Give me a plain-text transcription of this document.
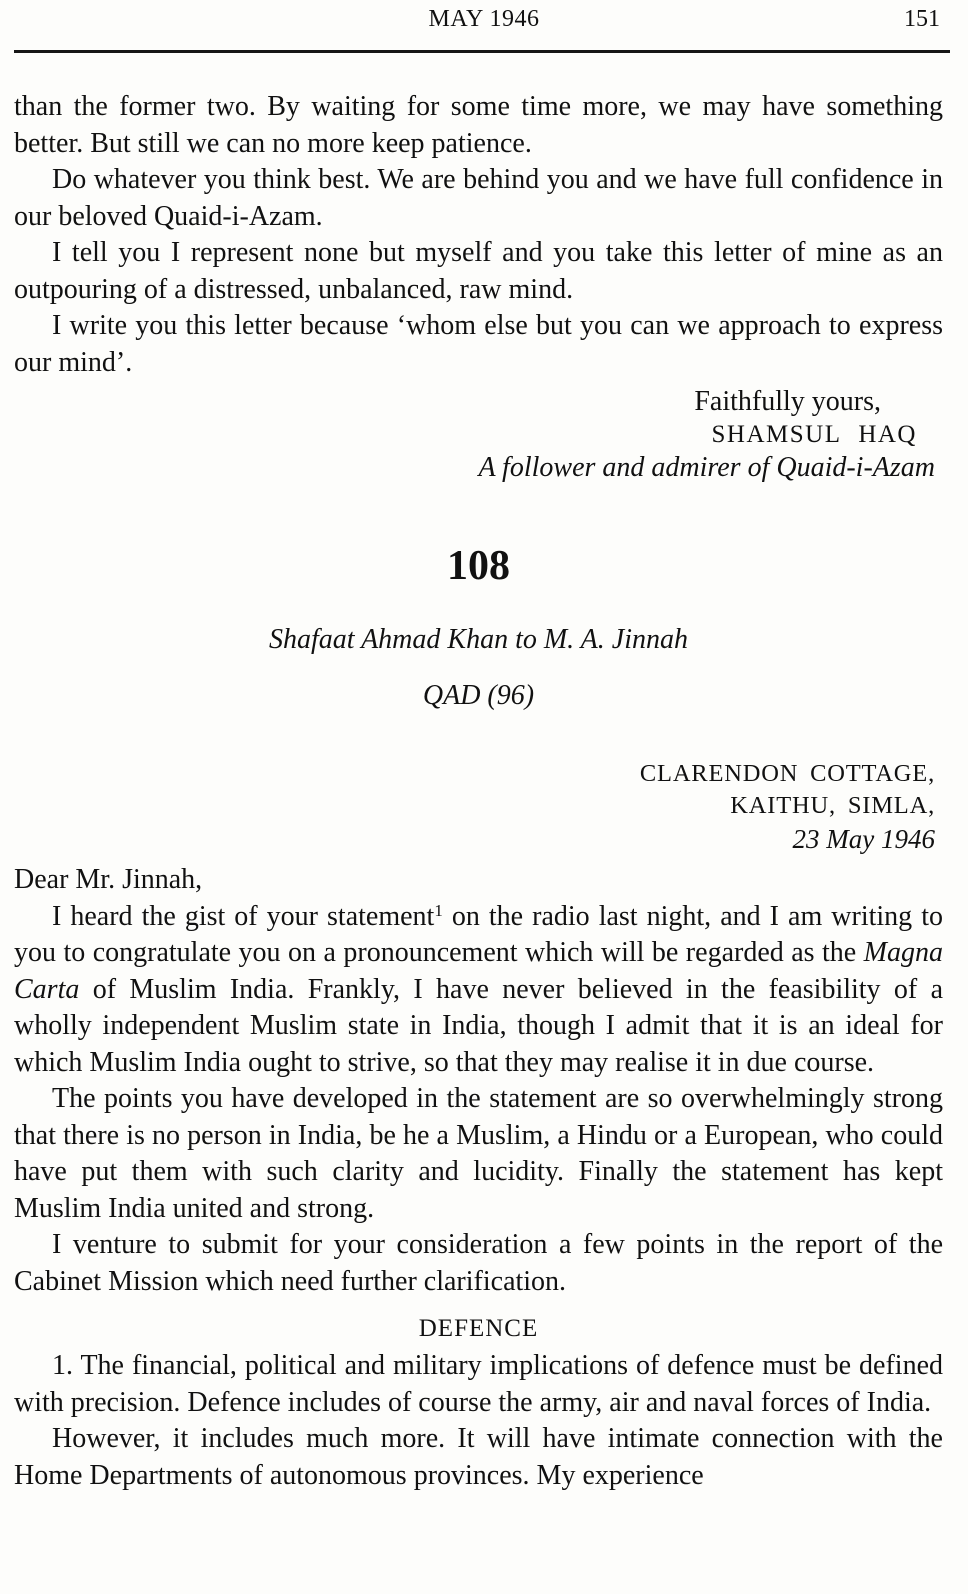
MAY 1946	151

than the former two. By waiting for some time more, we may have something better. But still we can no more keep patience.

Do whatever you think best. We are behind you and we have full confidence in our beloved Quaid-i-Azam.

I tell you I represent none but myself and you take this letter of mine as an outpouring of a distressed, unbalanced, raw mind.

I write you this letter because ‘whom else but you can we approach to express our mind’.

Faithfully yours,
SHAMSUL HAQ
A follower and admirer of Quaid-i-Azam
108
Shafaat Ahmad Khan to M. A. Jinnah
QAD (96)
CLARENDON COTTAGE,
KAITHU, SIMLA,
23 May 1946

Dear Mr. Jinnah,

I heard the gist of your statement$^1$ on the radio last night, and I am writing to you to congratulate you on a pronouncement which will be regarded as the Magna Carta of Muslim India. Frankly, I have never believed in the feasibility of a wholly independent Muslim state in India, though I admit that it is an ideal for which Muslim India ought to strive, so that they may realise it in due course.

The points you have developed in the statement are so overwhelmingly strong that there is no person in India, be he a Muslim, a Hindu or a European, who could have put them with such clarity and lucidity. Finally the statement has kept Muslim India united and strong.

I venture to submit for your consideration a few points in the report of the Cabinet Mission which need further clarification.

DEFENCE

1. The financial, political and military implications of defence must be defined with precision. Defence includes of course the army, air and naval forces of India.

However, it includes much more. It will have intimate connection with the Home Departments of autonomous provinces. My experience
